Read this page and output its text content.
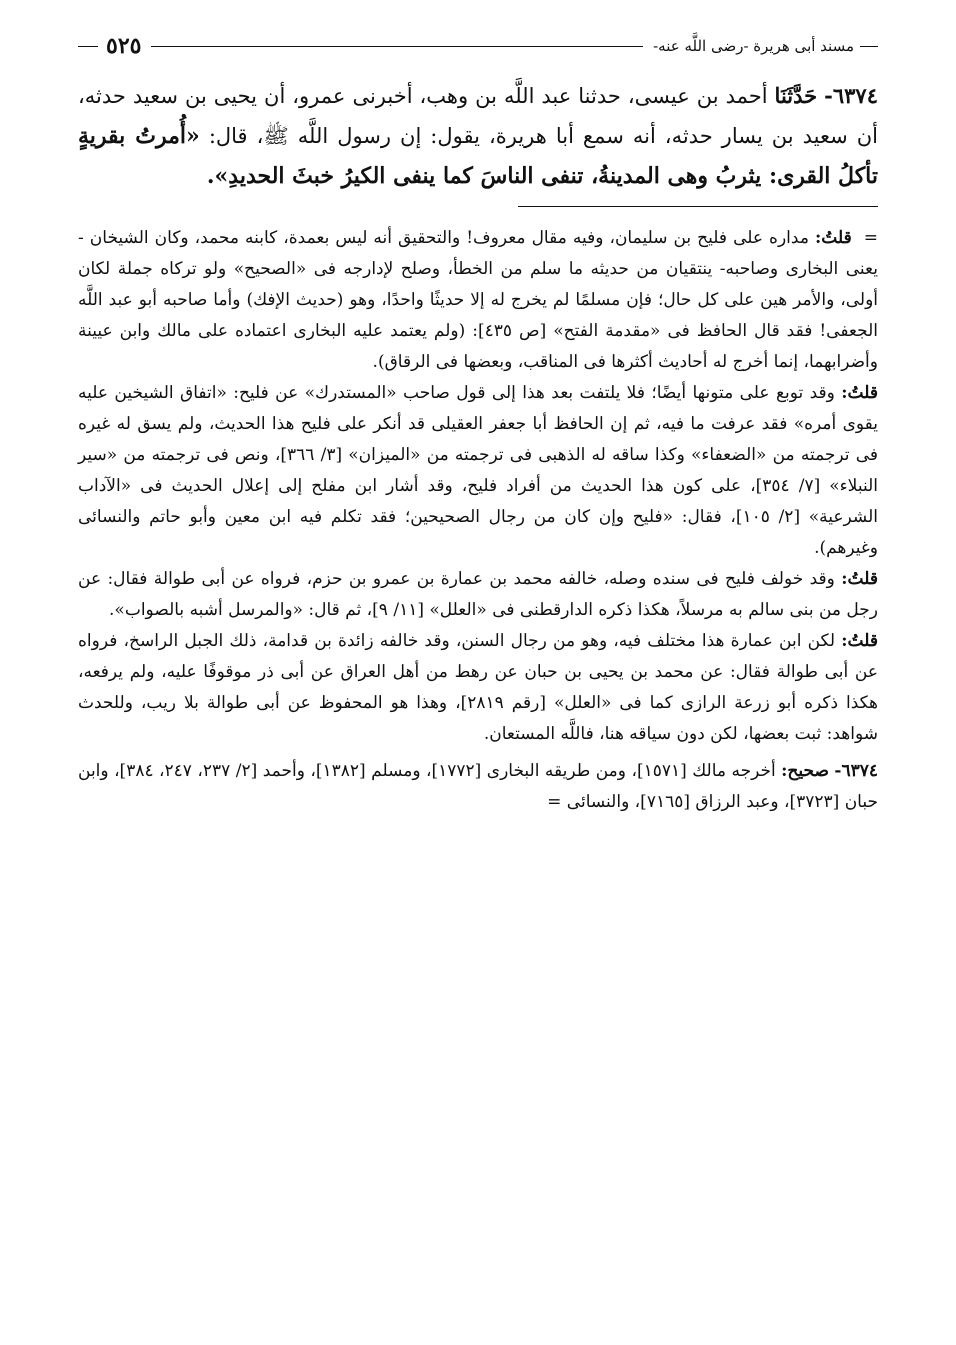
مسند أبى هريرة -رضى اللَّه عنه-
٥٢٥
٦٣٧٤- حَدَّثَنَا أحمد بن عيسى، حدثنا عبد اللَّه بن وهب، أخبرنى عمرو، أن يحيى بن سعيد حدثه، أن سعيد بن يسار حدثه، أنه سمع أبا هريرة، يقول: إن رسول اللَّه ﷺ، قال: «أُمرتُ بقريةٍ تأكلُ القرى: يثربُ وهى المدينةُ، تنفى الناسَ كما ينفى الكيرُ خبثَ الحديدِ».

= قلتُ: مداره على فليح بن سليمان، وفيه مقال معروف! والتحقيق أنه ليس بعمدة، كابنه محمد، وكان الشيخان - يعنى البخارى وصاحبه- ينتقيان من حديثه ما سلم من الخطأ، وصلح لإدارجه فى «الصحيح» ولو تركاه جملة لكان أولى، والأمر هين على كل حال؛ فإن مسلمًا لم يخرج له إلا حديثًا واحدًا، وهو (حديث الإفك) وأما صاحبه أبو عبد اللَّه الجعفى! فقد قال الحافظ فى «مقدمة الفتح» [ص ٤٣٥]: (ولم يعتمد عليه البخارى اعتماده على مالك وابن عيينة وأضرابهما، إنما أخرج له أحاديث أكثرها فى المناقب، وبعضها فى الرقاق).

قلتُ: وقد توبع على متونها أيضًا؛ فلا يلتفت بعد هذا إلى قول صاحب «المستدرك» عن فليح: «اتفاق الشيخين عليه يقوى أمره» فقد عرفت ما فيه، ثم إن الحافظ أبا جعفر العقيلى قد أنكر على فليح هذا الحديث، ولم يسق له غيره فى ترجمته من «الضعفاء» وكذا ساقه له الذهبى فى ترجمته من «الميزان» [٣/ ٣٦٦]، ونص فى ترجمته من «سير النبلاء» [٧/ ٣٥٤]، على كون هذا الحديث من أفراد فليح، وقد أشار ابن مفلح إلى إعلال الحديث فى «الآداب الشرعية» [٢/ ١٠٥]، فقال: «فليح وإن كان من رجال الصحيحين؛ فقد تكلم فيه ابن معين وأبو حاتم والنسائى وغيرهم).

قلتُ: وقد خولف فليح فى سنده وصله، خالفه محمد بن عمارة بن عمرو بن حزم، فرواه عن أبى طوالة فقال: عن رجل من بنى سالم به مرسلاً، هكذا ذكره الدارقطنى فى «العلل» [١١/ ٩]، ثم قال: «والمرسل أشبه بالصواب».

قلتُ: لكن ابن عمارة هذا مختلف فيه، وهو من رجال السنن، وقد خالفه زائدة بن قدامة، ذلك الجبل الراسخ، فرواه عن أبى طوالة فقال: عن محمد بن يحيى بن حبان عن رهط من أهل العراق عن أبى ذر موقوفًا عليه، ولم يرفعه، هكذا ذكره أبو زرعة الرازى كما فى «العلل» [رقم ٢٨١٩]، وهذا هو المحفوظ عن أبى طوالة بلا ريب، وللحدث شواهد: ثبت بعضها، لكن دون سياقه هنا، فاللَّه المستعان.

٦٣٧٤- صحيح: أخرجه مالك [١٥٧١]، ومن طريقه البخارى [١٧٧٢]، ومسلم [١٣٨٢]، وأحمد [٢/ ٢٣٧، ٢٤٧، ٣٨٤]، وابن حبان [٣٧٢٣]، وعبد الرزاق [٧١٦٥]، والنسائى =
